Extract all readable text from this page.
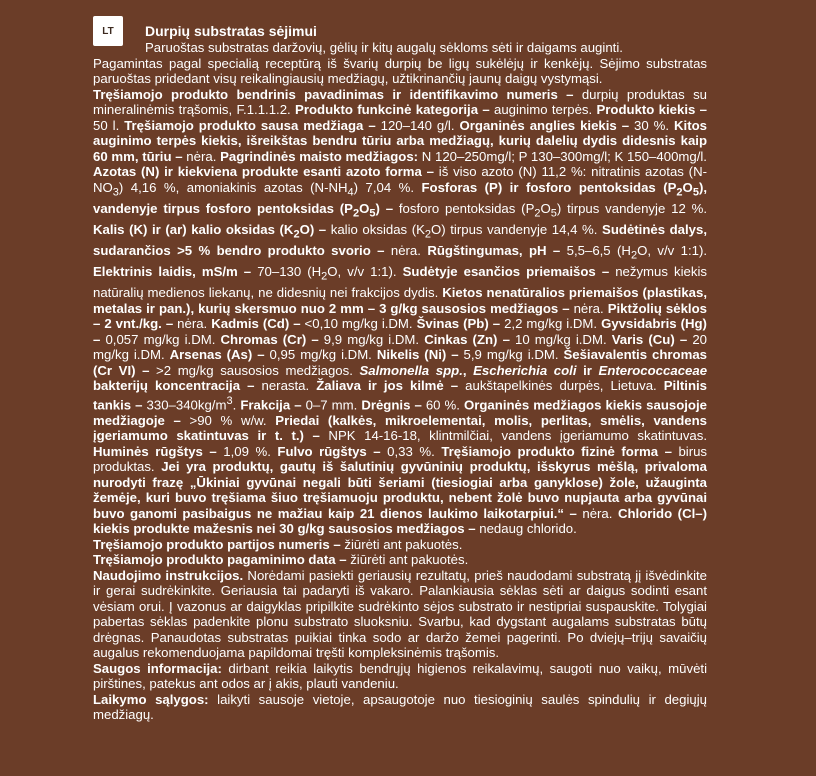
LT	Durpių substratas sėjimui
Paruoštas substratas daržovių, gėlių ir kitų augalų sėkloms sėti ir daigams auginti.

Pagamintas pagal specialią receptūrą iš švarių durpių be ligų sukėlėjų ir kenkėjų. Sėjimo substratas paruoštas pridedant visų reikalingiausių medžiagų, užtikrinančių jaunų daigų vystymąsi.

Tręšiamojo produkto bendrinis pavadinimas ir identifikavimo numeris – durpių produktas su mineralinėmis trąšomis, F.1.1.1.2. Produkto funkcinė kategorija – auginimo terpės. Produkto kiekis – 50 l. Tręšiamojo produkto sausa medžiaga – 120–140 g/l. Organinės anglies kiekis – 30 %. Kitos auginimo terpės kiekis, išreikštas bendru tūriu arba medžiagų, kurių dalelių dydis didesnis kaip 60 mm, tūriu – nėra. Pagrindinės maisto medžiagos: N 120–250mg/l; P 130–300mg/l; K 150–400mg/l. Azotas (N) ir kiekviena produkte esanti azoto forma – iš viso azoto (N) 11,2 %: nitratinis azotas $(N-NO_3)$ 4,16 %, amoniakinis azotas $(N-NH_4)$ 7,04 %. Fosforas (P) ir fosforo pentoksidas $(P_2O_5)$, vandenyje tirpus fosforo pentoksidas $(P_2O_5)$ – fosforo pentoksidas $(P_2O_5)$ tirpus vandenyje 12 %. Kalis (K) ir (ar) kalio oksidas $(K_2O)$ – kalio oksidas $(K_2O)$ tirpus vandenyje 14,4 %. Sudėtinės dalys, sudarančios >5 % bendro produkto svorio – nėra. Rūgštingumas, pH – 5,5–6,5 ($H_2O$, v/v 1:1). Elektrinis laidis, mS/m – 70–130 ($H_2O$, v/v 1:1). Sudėtyje esančios priemaišos – nežymus kiekis natūralių medienos liekanų, ne didesnių nei frakcijos dydis. Kietos nenatūralios priemaišos (plastikas, metalas ir pan.), kurių skersmuo nuo 2 mm – 3 g/kg sausosios medžiagos – nėra. Piktžolių sėklos – 2 vnt./kg. – nėra. Kadmis (Cd) – <0,10 mg/kg i.DM. Švinas (Pb) – 2,2 mg/kg i.DM. Gyvsidabris (Hg) – 0,057 mg/kg i.DM. Chromas (Cr) – 9,9 mg/kg i.DM. Cinkas (Zn) – 10 mg/kg i.DM. Varis (Cu) – 20 mg/kg i.DM. Arsenas (As) – 0,95 mg/kg i.DM. Nikelis (Ni) – 5,9 mg/kg i.DM. Šešiavalentis chromas (Cr VI) – >2 mg/kg sausosios medžiagos. Salmonella spp., Escherichia coli ir Enterococcaceae bakterijų koncentracija – nerasta. Žaliava ir jos kilmė – aukštapelkinės durpės, Lietuva. Piltinis tankis – $330-340kg/m^3$. Frakcija – 0–7 mm. Drėgnis – 60 %. Organinės medžiagos kiekis sausojoje medžiagoje – >90 % w/w. Priedai (kalkės, mikroelementai, molis, perlitas, smėlis, vandens įgeriamumo skatintuvas ir t. t.) – NPK 14-16-18, klintmilčiai, vandens įgeriamumo skatintuvas. Huminės rūgštys – 1,09 %. Fulvo rūgštys – 0,33 %. Tręšiamojo produkto fizinė forma – birus produktas. Jei yra produktų, gautų iš šalutinių gyvūninių produktų, išskyrus mėšlą, privaloma nurodyti frazę „Ūkiniai gyvūnai negali būti šeriami (tiesiogiai arba ganyklose) žole, užauginta žemėje, kuri buvo tręšiama šiuo tręšiamuoju produktu, nebent žolė buvo nupjauta arba gyvūnai buvo ganomi pasibaigus ne mažiau kaip 21 dienos laukimo laikotarpiui.“ – nėra. Chlorido (Cl–) kiekis produkte mažesnis nei 30 g/kg sausosios medžiagos – nedaug chlorido.

Tręšiamojo produkto partijos numeris – žiūrėti ant pakuotės.

Tręšiamojo produkto pagaminimo data – žiūrėti ant pakuotės.

Naudojimo instrukcijos. Norėdami pasiekti geriausių rezultatų, prieš naudodami substratą jį išvėdinkite ir gerai sudrėkinkite. Geriausia tai padaryti iš vakaro. Palankiausia sėklas sėti ar daigus sodinti esant vėsiam orui. Į vazonus ar daigyklas pripilkite sudrėkinto sėjos substrato ir nestipriai suspauskite. Tolygiai pabertas sėklas padenkite plonu substrato sluoksniu. Svarbu, kad dygstant augalams substratas būtų drėgnas. Panaudotas substratas puikiai tinka sodo ar daržo žemei pagerinti. Po dviejų–trijų savaičių augalus rekomenduojama papildomai tręšti kompleksinėmis trąšomis.

Saugos informacija: dirbant reikia laikytis bendrųjų higienos reikalavimų, saugoti nuo vaikų, mūvėti pirštines, patekus ant odos ar į akis, plauti vandeniu.

Laikymo sąlygos: laikyti sausoje vietoje, apsaugotoje nuo tiesioginių saulės spindulių ir degiųjų medžiagų.
